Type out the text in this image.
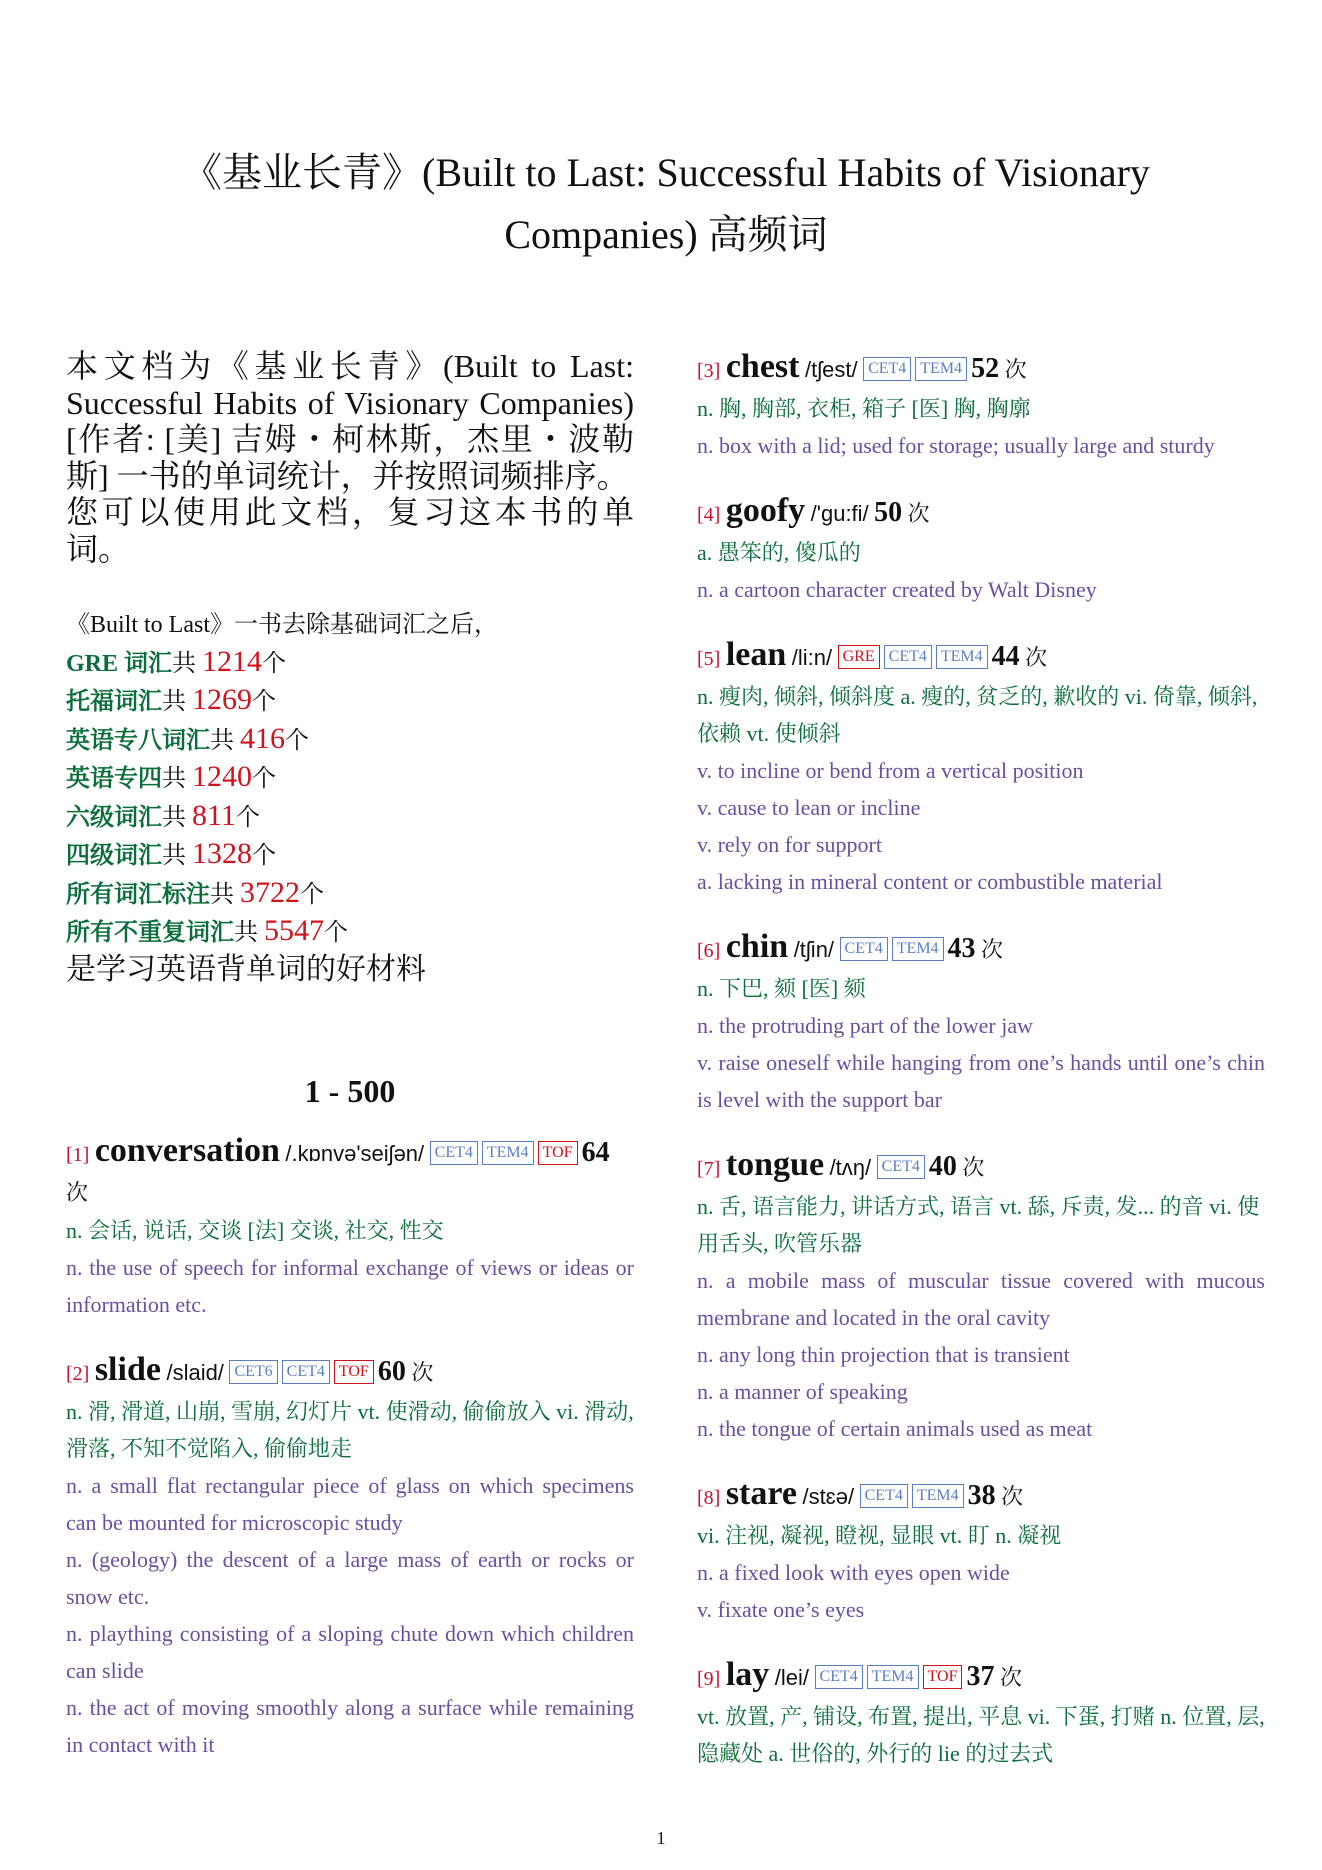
《基业长青》(Built to Last: Successful Habits of Visionary
Companies) 高频词

本文档为《基业长青》(Built to Last: Successful Habits of Visionary Companies)[作者: [美] 吉姆・柯林斯，杰里・波勒斯] 一书的单词统计，并按照词频排序。

您可以使用此文档，复习这本书的单词。

《Built to Last》一书去除基础词汇之后，
GRE 词汇共 1214个
托福词汇共 1269个
英语专八词汇共 416个
英语专四共 1240个
六级词汇共 811个
四级词汇共 1328个
所有词汇标注共 3722个
所有不重复词汇共 5547个
是学习英语背单词的好材料
1 - 500
[1] conversation /.kɒnvə'seiʃən/ CET4 TEM4 TOF 64 次
n. 会话, 说话, 交谈 [法] 交谈, 社交, 性交
n. the use of speech for informal exchange of views or ideas or information etc.
[2] slide /slaid/ CET6 CET4 TOF 60 次
n. 滑, 滑道, 山崩, 雪崩, 幻灯片 vt. 使滑动, 偷偷放入 vi. 滑动, 滑落, 不知不觉陷入, 偷偷地走
n. a small flat rectangular piece of glass on which specimens can be mounted for microscopic study
n. (geology) the descent of a large mass of earth or rocks or snow etc.
n. plaything consisting of a sloping chute down which children can slide
n. the act of moving smoothly along a surface while remaining in contact with it
[3] chest /tʃest/ CET4 TEM4 52 次
n. 胸, 胸部, 衣柜, 箱子 [医] 胸, 胸廓
n. box with a lid; used for storage; usually large and sturdy
[4] goofy /'gu:fi/ 50 次
a. 愚笨的, 傻瓜的
n. a cartoon character created by Walt Disney
[5] lean /li:n/ GRE CET4 TEM4 44 次
n. 瘦肉, 倾斜, 倾斜度 a. 瘦的, 贫乏的, 歉收的 vi. 倚靠, 倾斜, 依赖 vt. 使倾斜
v. to incline or bend from a vertical position
v. cause to lean or incline
v. rely on for support
a. lacking in mineral content or combustible material
[6] chin /tʃin/ CET4 TEM4 43 次
n. 下巴, 颏 [医] 颏
n. the protruding part of the lower jaw
v. raise oneself while hanging from one’s hands until one’s chin is level with the support bar
[7] tongue /tʌŋ/ CET4 40 次
n. 舌, 语言能力, 讲话方式, 语言 vt. 舔, 斥责, 发... 的音 vi. 使用舌头, 吹管乐器
n. a mobile mass of muscular tissue covered with mucous membrane and located in the oral cavity
n. any long thin projection that is transient
n. a manner of speaking
n. the tongue of certain animals used as meat
[8] stare /stɛə/ CET4 TEM4 38 次
vi. 注视, 凝视, 瞪视, 显眼 vt. 盯 n. 凝视
n. a fixed look with eyes open wide
v. fixate one’s eyes
[9] lay /lei/ CET4 TEM4 TOF 37 次
vt. 放置, 产, 铺设, 布置, 提出, 平息 vi. 下蛋, 打赌 n. 位置, 层, 隐藏处 a. 世俗的, 外行的 lie 的过去式
1
